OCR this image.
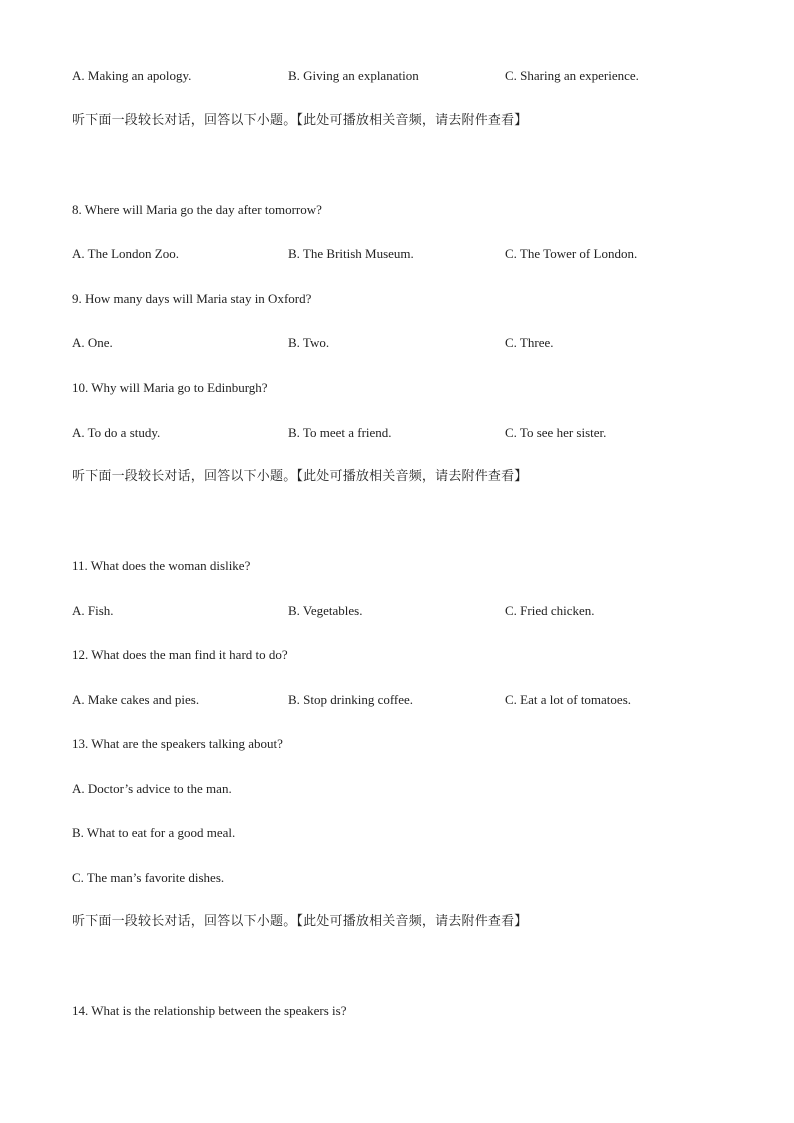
A. Making an apology.	B. Giving an explanation	C. Sharing an experience.
听下面一段较长对话，回答以下小题。【此处可播放相关音频，请去附件查看】
8. Where will Maria go the day after tomorrow?
A. The London Zoo.	B. The British Museum.	C. The Tower of London.
9. How many days will Maria stay in Oxford?
A. One.	B. Two.	C. Three.
10. Why will Maria go to Edinburgh?
A. To do a study.	B. To meet a friend.	C. To see her sister.
听下面一段较长对话，回答以下小题。【此处可播放相关音频，请去附件查看】
11. What does the woman dislike?
A. Fish.	B. Vegetables.	C. Fried chicken.
12. What does the man find it hard to do?
A. Make cakes and pies.	B. Stop drinking coffee.	C. Eat a lot of tomatoes.
13. What are the speakers talking about?
A. Doctor’s advice to the man.
B. What to eat for a good meal.
C. The man’s favorite dishes.
听下面一段较长对话，回答以下小题。【此处可播放相关音频，请去附件查看】
14. What is the relationship between the speakers is?
